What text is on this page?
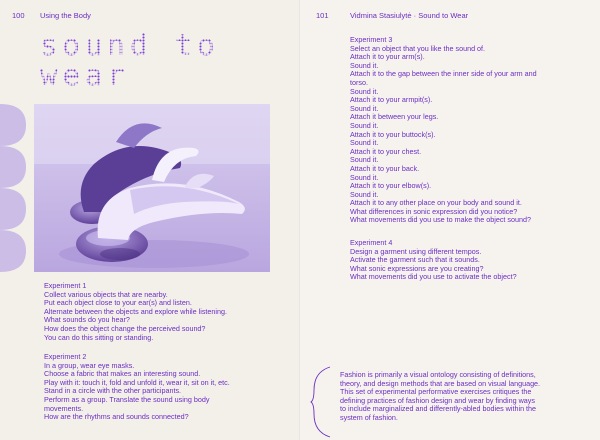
100 Using the Body
sound to
wear
Experiment 1
Collect various objects that are nearby.
Put each object close to your ear(s) and listen.
Alternate between the objects and explore while listening.
What sounds do you hear?
How does the object change the perceived sound?
You can do this sitting or standing.
Experiment 2
In a group, wear eye masks.
Choose a fabric that makes an interesting sound.
Play with it: touch it, fold and unfold it, wear it, sit on it, etc.
Stand in a circle with the other participants.
Perform as a group. Translate the sound using body
movements.
How are the rhythms and sounds connected?
101	Vidmina Stasiulytė · Sound to Wear
Experiment 3
Select an object that you like the sound of.
Attach it to your arm(s).
Sound it.
Attach it to the gap between the inner side of your arm and
torso.
Sound it.
Attach it to your armpit(s).
Sound it.
Attach it between your legs.
Sound it.
Attach it to your buttock(s).
Sound it.
Attach it to your chest.
Sound it.
Attach it to your back.
Sound it.
Attach it to your elbow(s).
Sound it.
Attach it to any other place on your body and sound it.
What differences in sonic expression did you notice?
What movements did you use to make the object sound?
Experiment 4
Design a garment using different tempos.
Activate the garment such that it sounds.
What sonic expressions are you creating?
What movements did you use to activate the object?
Fashion is primarily a visual ontology consisting of definitions,
theory, and design methods that are based on visual language.
This set of experimental performative exercises critiques the
defining practices of fashion design and wear by finding ways
to include marginalized and differently-abled bodies within the
system of fashion.
